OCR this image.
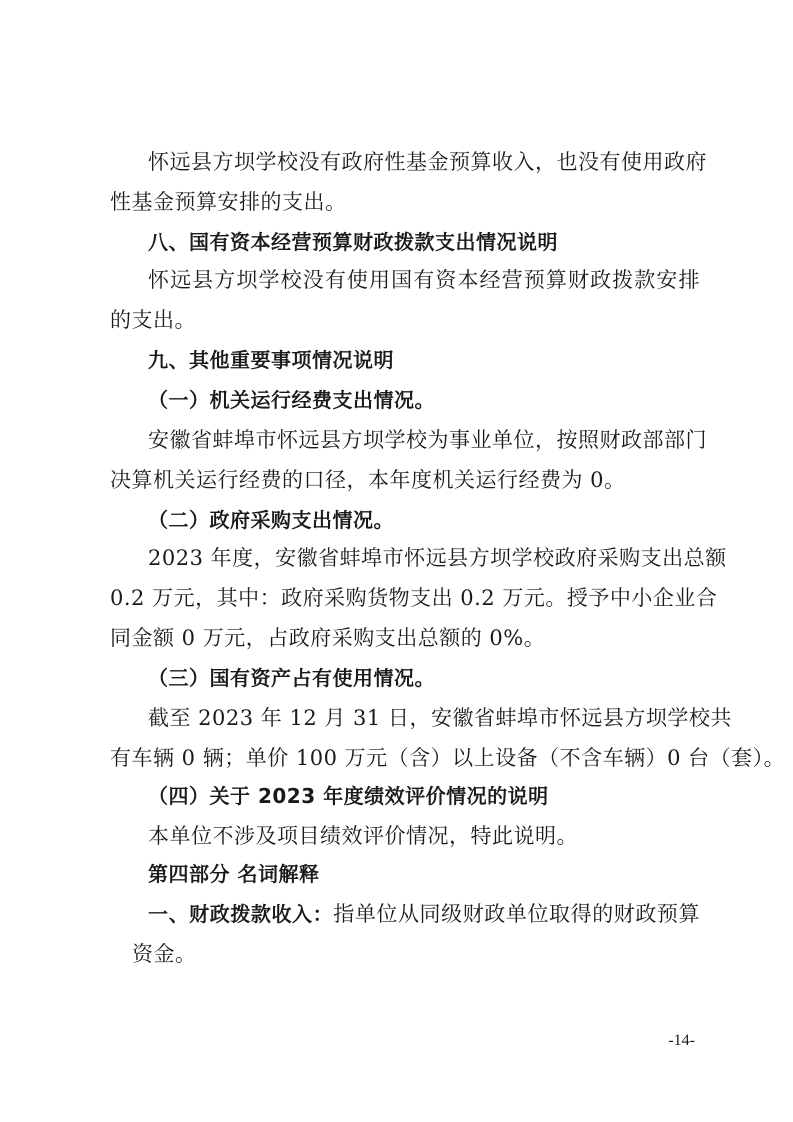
怀远县方坝学校没有政府性基金预算收入，也没有使用政府
性基金预算安排的支出。
八、国有资本经营预算财政拨款支出情况说明
怀远县方坝学校没有使用国有资本经营预算财政拨款安排
的支出。
九、其他重要事项情况说明
（一）机关运行经费支出情况。
安徽省蚌埠市怀远县方坝学校为事业单位，按照财政部部门
决算机关运行经费的口径，本年度机关运行经费为 0。
（二）政府采购支出情况。
2023 年度，安徽省蚌埠市怀远县方坝学校政府采购支出总额
0.2 万元，其中：政府采购货物支出 0.2 万元。授予中小企业合
同金额 0 万元，占政府采购支出总额的 0%。
（三）国有资产占有使用情况。
截至 2023 年 12 月 31 日，安徽省蚌埠市怀远县方坝学校共
有车辆 0 辆；单价 100 万元（含）以上设备（不含车辆）0 台（套）。
（四）关于 2023 年度绩效评价情况的说明
本单位不涉及项目绩效评价情况，特此说明。
第四部分 名词解释
一、财政拨款收入：指单位从同级财政单位取得的财政预算
资金。
-14-
